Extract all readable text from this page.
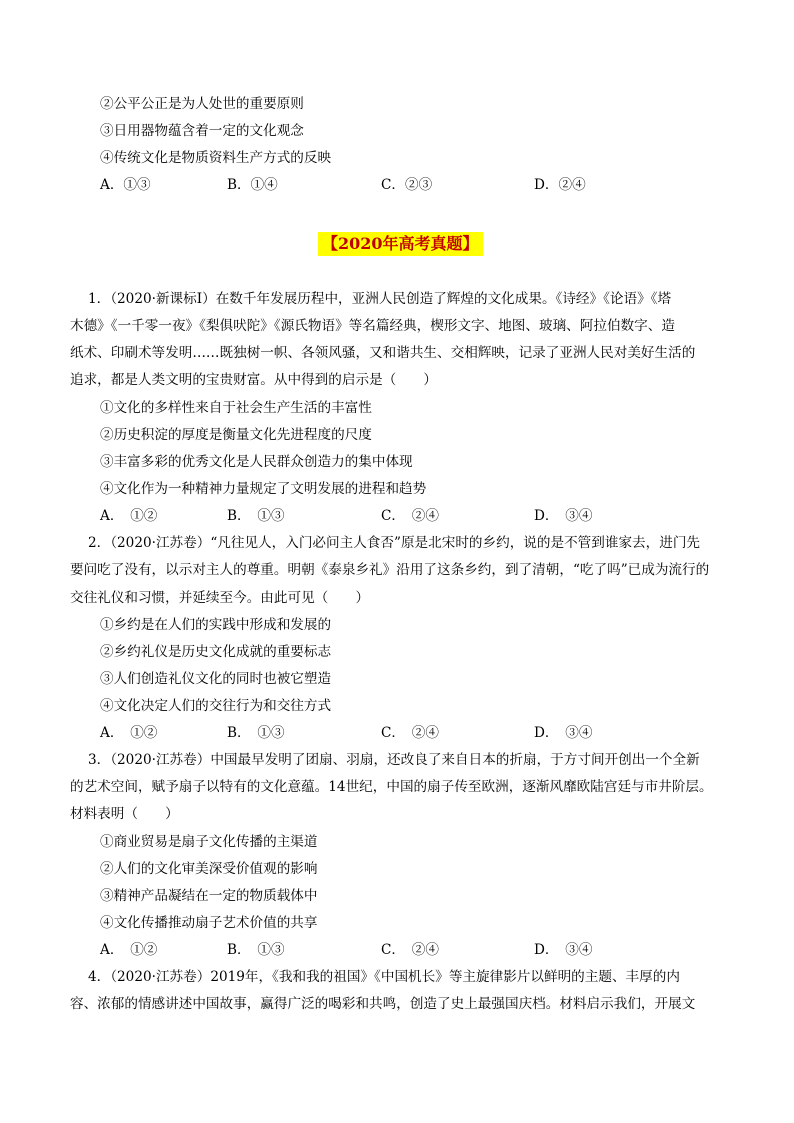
②公平公正是为人处世的重要原则
③日用器物蕴含着一定的文化观念
④传统文化是物质资料生产方式的反映
A．①③	B．①④	C．②③	D．②④
【2020年高考真题】
1．（2020·新课标Ⅰ）在数千年发展历程中，亚洲人民创造了辉煌的文化成果。《诗经》《论语》《塔
木德》《一千零一夜》《梨俱吠陀》《源氏物语》等名篇经典，楔形文字、地图、玻璃、阿拉伯数字、造
纸术、印刷术等发明……既独树一帜、各领风骚，又和谐共生、交相辉映，记录了亚洲人民对美好生活的
追求，都是人类文明的宝贵财富。从中得到的启示是（　　）
①文化的多样性来自于社会生产生活的丰富性
②历史积淀的厚度是衡量文化先进程度的尺度
③丰富多彩的优秀文化是人民群众创造力的集中体现
④文化作为一种精神力量规定了文明发展的进程和趋势
A．　①②	B．　①③	C．　②④	D．　③④
2．（2020·江苏卷）“凡往见人，入门必问主人食否”原是北宋时的乡约，说的是不管到谁家去，进门先
要问吃了没有，以示对主人的尊重。明朝《泰泉乡礼》沿用了这条乡约，到了清朝，“吃了吗”已成为流行的
交往礼仪和习惯，并延续至今。由此可见（　　）
①乡约是在人们的实践中形成和发展的
②乡约礼仪是历史文化成就的重要标志
③人们创造礼仪文化的同时也被它塑造
④文化决定人们的交往行为和交往方式
A．　①②	B．　①③	C．　②④	D．　③④
3．（2020·江苏卷）中国最早发明了团扇、羽扇，还改良了来自日本的折扇，于方寸间开创出一个全新
的艺术空间，赋予扇子以特有的文化意蕴。14世纪，中国的扇子传至欧洲，逐渐风靡欧陆宫廷与市井阶层。
材料表明（　　）
①商业贸易是扇子文化传播的主渠道
②人们的文化审美深受价值观的影响
③精神产品凝结在一定的物质载体中
④文化传播推动扇子艺术价值的共享
A．　①②	B．　①③	C．　②④	D．　③④
4．（2020·江苏卷）2019年，《我和我的祖国》《中国机长》等主旋律影片以鲜明的主题、丰厚的内
容、浓郁的情感讲述中国故事，赢得广泛的喝彩和共鸣，创造了史上最强国庆档。材料启示我们，开展文
